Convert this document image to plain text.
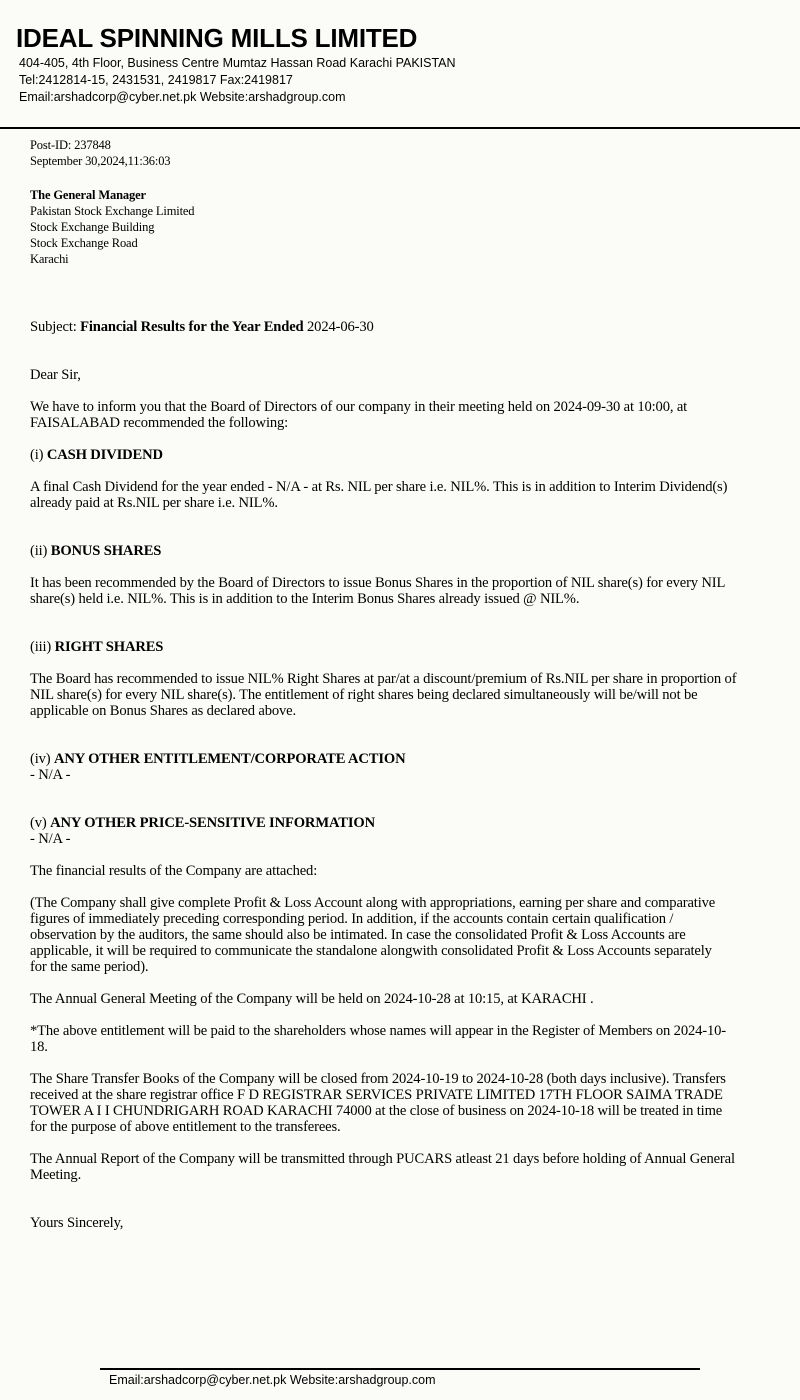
IDEAL SPINNING MILLS LIMITED
404-405, 4th Floor, Business Centre Mumtaz Hassan Road Karachi PAKISTAN
Tel:2412814-15, 2431531, 2419817 Fax:2419817
Email:arshadcorp@cyber.net.pk Website:arshadgroup.com
Post-ID: 237848
September 30,2024,11:36:03
The General Manager
Pakistan Stock Exchange Limited
Stock Exchange Building
Stock Exchange Road
Karachi
Subject: Financial Results for the Year Ended 2024-06-30
Dear Sir,
We have to inform you that the Board of Directors of our company in their meeting held on 2024-09-30 at 10:00, at
FAISALABAD recommended the following:
(i) CASH DIVIDEND
A final Cash Dividend for the year ended - N/A - at Rs. NIL per share i.e. NIL%. This is in addition to Interim Dividend(s)
already paid at Rs.NIL per share i.e. NIL%.
(ii) BONUS SHARES
It has been recommended by the Board of Directors to issue Bonus Shares in the proportion of NIL share(s) for every NIL
share(s) held i.e. NIL%. This is in addition to the Interim Bonus Shares already issued @ NIL%.
(iii) RIGHT SHARES
The Board has recommended to issue NIL% Right Shares at par/at a discount/premium of Rs.NIL per share in proportion of
NIL share(s) for every NIL share(s). The entitlement of right shares being declared simultaneously will be/will not be
applicable on Bonus Shares as declared above.
(iv) ANY OTHER ENTITLEMENT/CORPORATE ACTION
- N/A -
(v) ANY OTHER PRICE-SENSITIVE INFORMATION
- N/A -
The financial results of the Company are attached:
(The Company shall give complete Profit & Loss Account along with appropriations, earning per share and comparative
figures of immediately preceding corresponding period. In addition, if the accounts contain certain qualification /
observation by the auditors, the same should also be intimated. In case the consolidated Profit & Loss Accounts are
applicable, it will be required to communicate the standalone alongwith consolidated Profit & Loss Accounts separately
for the same period).
The Annual General Meeting of the Company will be held on 2024-10-28 at 10:15, at KARACHI .
*The above entitlement will be paid to the shareholders whose names will appear in the Register of Members on 2024-10-
18.
The Share Transfer Books of the Company will be closed from 2024-10-19 to 2024-10-28 (both days inclusive). Transfers
received at the share registrar office F D REGISTRAR SERVICES PRIVATE LIMITED 17TH FLOOR SAIMA TRADE
TOWER A I I CHUNDRIGARH ROAD KARACHI 74000 at the close of business on 2024-10-18 will be treated in time
for the purpose of above entitlement to the transferees.
The Annual Report of the Company will be transmitted through PUCARS atleast 21 days before holding of Annual General
Meeting.
Yours Sincerely,
Email:arshadcorp@cyber.net.pk Website:arshadgroup.com
